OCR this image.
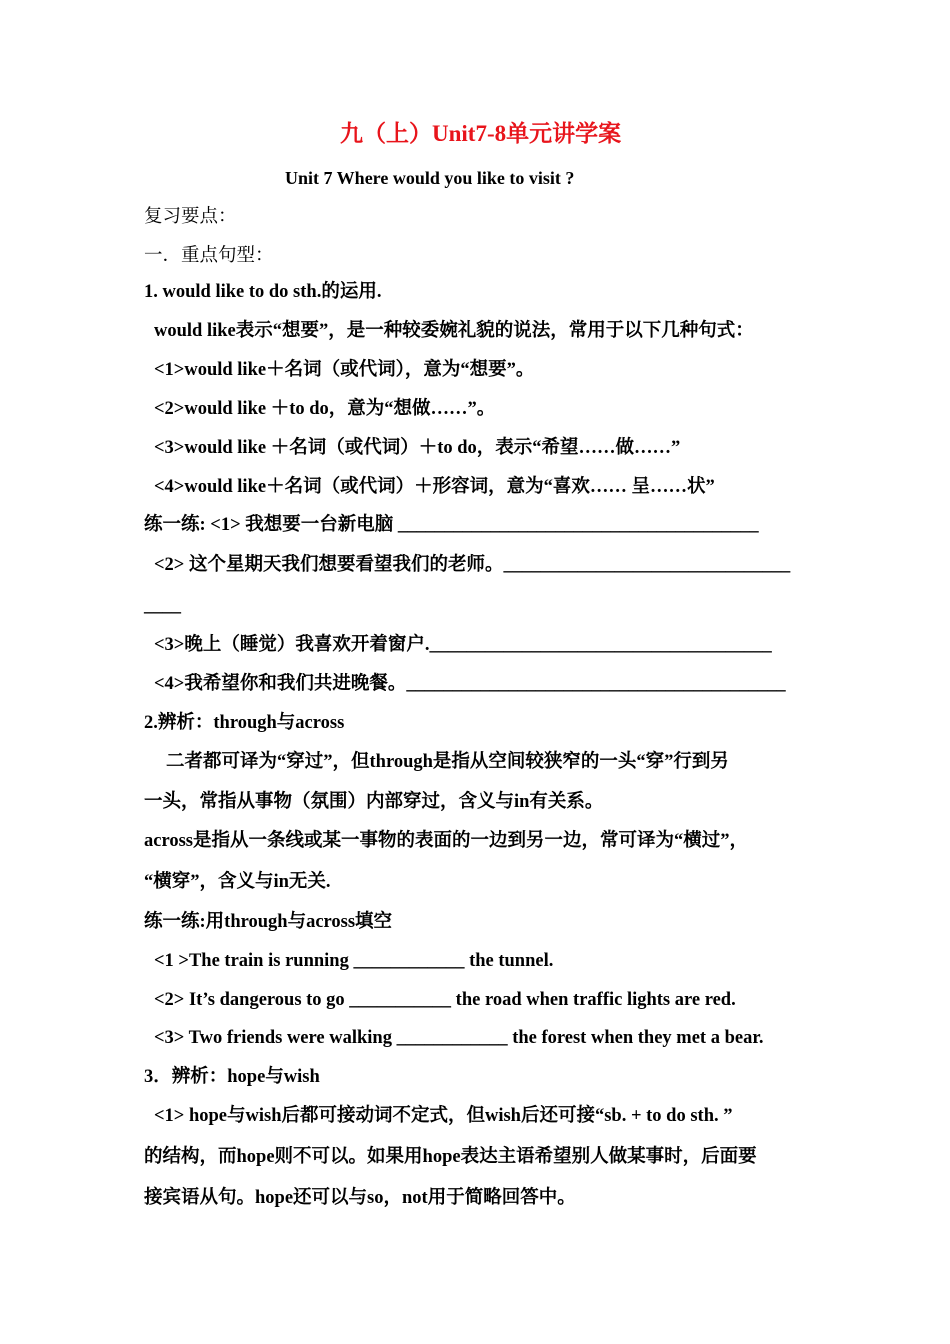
九（上）Unit7-8单元讲学案
Unit 7 Where would you like to visit ?
复习要点：
一．重点句型：
1. would like to do sth.的运用.
would like表示“想要”，是一种较委婉礼貌的说法，常用于以下几种句式：
<1>would like＋名词（或代词），意为“想要”。
<2>would like ＋to do，意为“想做……”。
<3>would like ＋名词（或代词）＋to do，表示“希望……做……”
<4>would like＋名词（或代词）＋形容词，意为“喜欢…… 呈……状”
练一练: <1> 我想要一台新电脑 _______________________________________
<2> 这个星期天我们想要看望我们的老师。_______________________________
____
<3>晚上（睡觉）我喜欢开着窗户._____________________________________
<4>我希望你和我们共进晚餐。_________________________________________
2.辨析：through与across
二者都可译为“穿过”，但through是指从空间较狭窄的一头“穿”行到另
一头，常指从事物（氛围）内部穿过，含义与in有关系。
across是指从一条线或某一事物的表面的一边到另一边，常可译为“横过”，
“横穿”，含义与in无关.
练一练:用through与across填空
<1 >The train is running ____________ the tunnel.
<2> It’s dangerous to go ___________ the road when traffic lights are red.
<3> Two friends were walking ____________ the forest when they met a bear.
3．辨析：hope与wish
<1> hope与wish后都可接动词不定式，但wish后还可接“sb. + to do sth. ”
的结构，而hope则不可以。如果用hope表达主语希望别人做某事时，后面要
接宾语从句。hope还可以与so，not用于简略回答中。
